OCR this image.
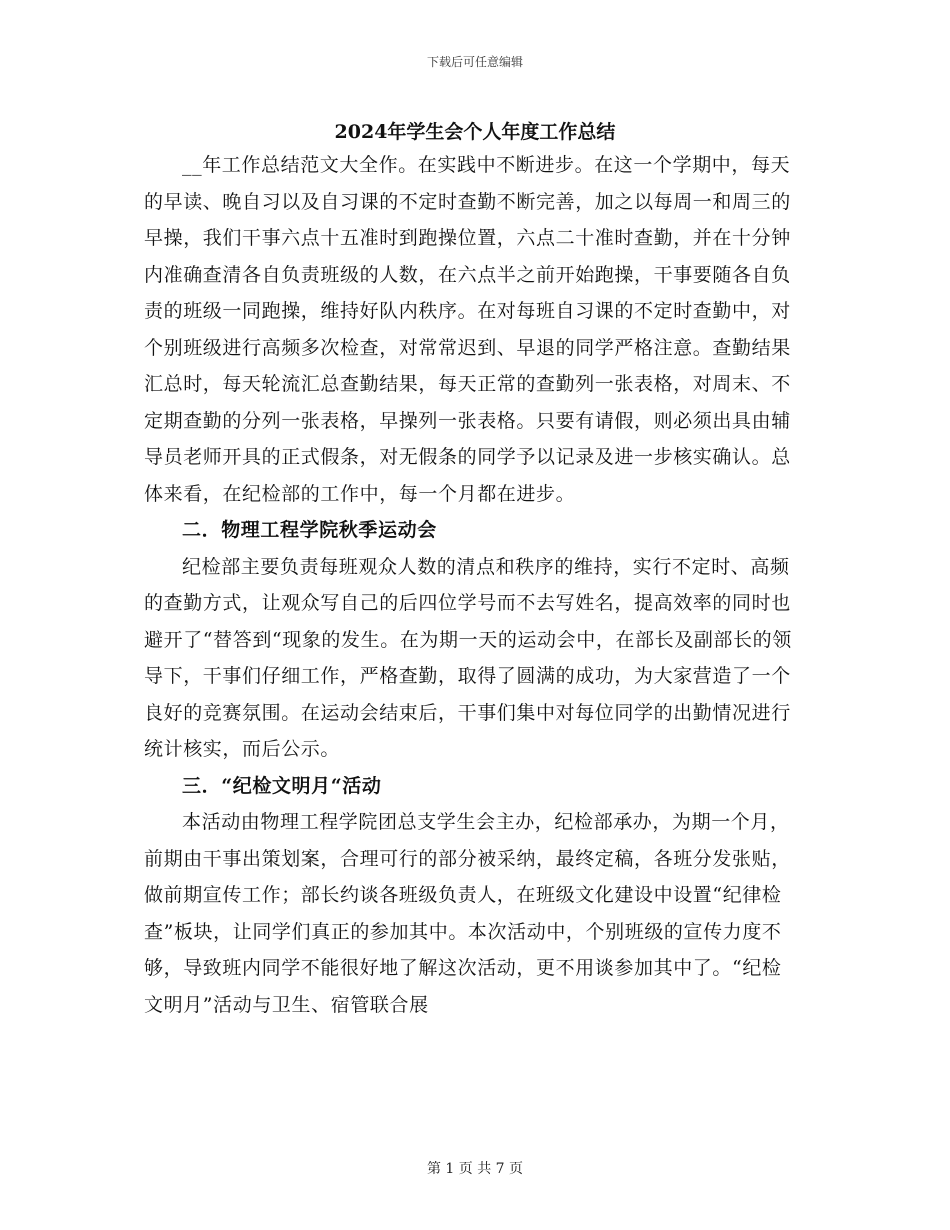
下载后可任意编辑
2024年学生会个人年度工作总结

__年工作总结范文大全作。在实践中不断进步。在这一个学期中，每天的早读、晚自习以及自习课的不定时查勤不断完善，加之以每周一和周三的早操，我们干事六点十五准时到跑操位置，六点二十准时查勤，并在十分钟内准确查清各自负责班级的人数，在六点半之前开始跑操，干事要随各自负责的班级一同跑操，维持好队内秩序。在对每班自习课的不定时查勤中，对个别班级进行高频多次检查，对常常迟到、早退的同学严格注意。查勤结果汇总时，每天轮流汇总查勤结果，每天正常的查勤列一张表格，对周末、不定期查勤的分列一张表格，早操列一张表格。只要有请假，则必须出具由辅导员老师开具的正式假条，对无假条的同学予以记录及进一步核实确认。总体来看，在纪检部的工作中，每一个月都在进步。

二．物理工程学院秋季运动会

纪检部主要负责每班观众人数的清点和秩序的维持，实行不定时、高频的查勤方式，让观众写自己的后四位学号而不去写姓名，提高效率的同时也避开了“替答到“现象的发生。在为期一天的运动会中，在部长及副部长的领导下，干事们仔细工作，严格查勤，取得了圆满的成功，为大家营造了一个良好的竞赛氛围。在运动会结束后，干事们集中对每位同学的出勤情况进行统计核实，而后公示。

三．“纪检文明月“活动

本活动由物理工程学院团总支学生会主办，纪检部承办，为期一个月，前期由干事出策划案，合理可行的部分被采纳，最终定稿，各班分发张贴，做前期宣传工作；部长约谈各班级负责人，在班级文化建设中设置“纪律检查”板块，让同学们真正的参加其中。本次活动中，个别班级的宣传力度不够，导致班内同学不能很好地了解这次活动，更不用谈参加其中了。“纪检文明月”活动与卫生、宿管联合展

第 1 页 共 7 页
